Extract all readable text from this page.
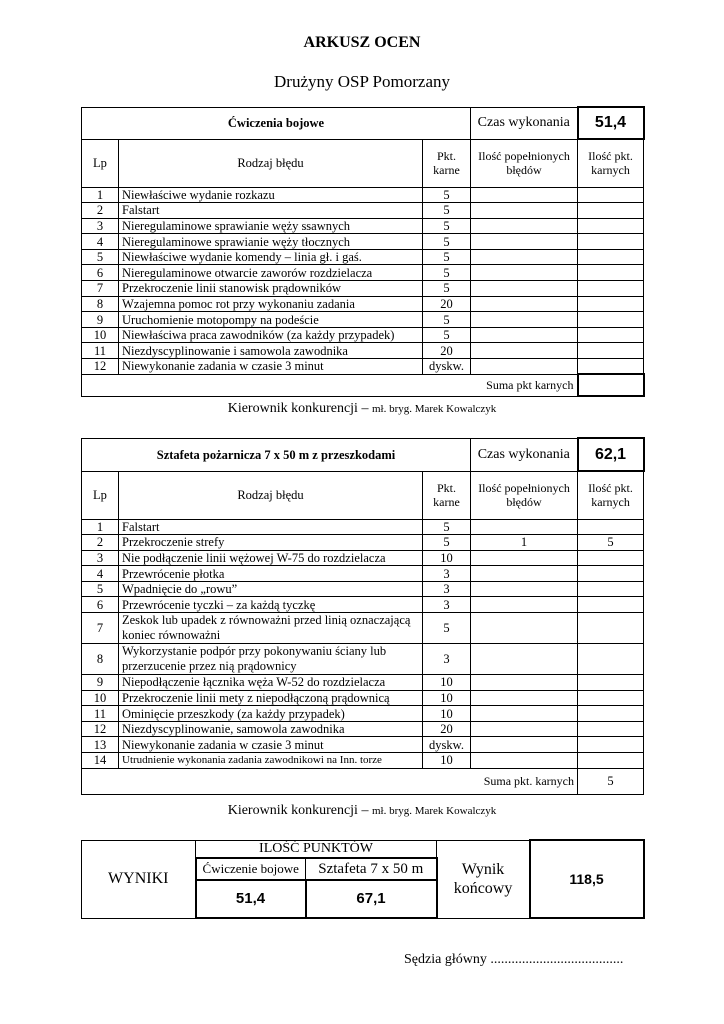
ARKUSZ OCEN
Drużyny OSP Pomorzany
Ćwiczenia bojowe			Czas wykonania	51,4
Lp	Rodzaj błędu	Pkt. karne	Ilość popełnionych błędów	Ilość pkt. karnych
1	Niewłaściwe wydanie rozkazu	5		
2	Falstart	5		
3	Nieregulaminowe sprawianie węży ssawnych	5		
4	Nieregulaminowe sprawianie węży tłocznych	5		
5	Niewłaściwe wydanie komendy – linia gł. i gaś.	5		
6	Nieregulaminowe otwarcie zaworów rozdzielacza	5		
7	Przekroczenie linii stanowisk prądowników	5		
8	Wzajemna pomoc rot przy wykonaniu zadania	20		
9	Uruchomienie motopompy na podeście	5		
10	Niewłaściwa praca zawodników (za każdy przypadek)	5		
11	Niezdyscyplinowanie i samowola zawodnika	20		
12	Niewykonanie zadania w czasie 3 minut	dyskw.		
Suma pkt karnych				
Kierownik konkurencji – mł. bryg. Marek Kowalczyk
Sztafeta pożarnicza 7 x 50 m z przeszkodami			Czas wykonania	62,1
Lp	Rodzaj błędu	Pkt. karne	Ilość popełnionych błędów	Ilość pkt. karnych
1	Falstart	5		
2	Przekroczenie strefy	5	1	5
3	Nie podłączenie linii wężowej W-75 do rozdzielacza	10		
4	Przewrócenie płotka	3		
5	Wpadnięcie do „rowu”	3		
6	Przewrócenie tyczki – za każdą tyczkę	3		
7	Zeskok lub upadek z równoważni przed linią oznaczającą koniec równoważni	5		
8	Wykorzystanie podpór przy pokonywaniu ściany lub przerzucenie przez nią prądownicy	3		
9	Niepodłączenie łącznika węża W-52 do rozdzielacza	10		
10	Przekroczenie linii mety z niepodłączoną prądownicą	10		
11	Ominięcie przeszkody (za każdy przypadek)	10		
12	Niezdyscyplinowanie, samowola zawodnika	20		
13	Niewykonanie zadania w czasie 3 minut	dyskw.		
14	Utrudnienie wykonania zadania zawodnikowi na Inn. torze	10		
Suma pkt. karnych				5
Kierownik konkurencji – mł. bryg. Marek Kowalczyk
WYNIKI	ILOŚĆ PUNKTÓW		Wynik końcowy	118,5
	Ćwiczenie bojowe	Sztafeta 7 x 50 m		
	51,4	67,1		
Sędzia główny ......................................
